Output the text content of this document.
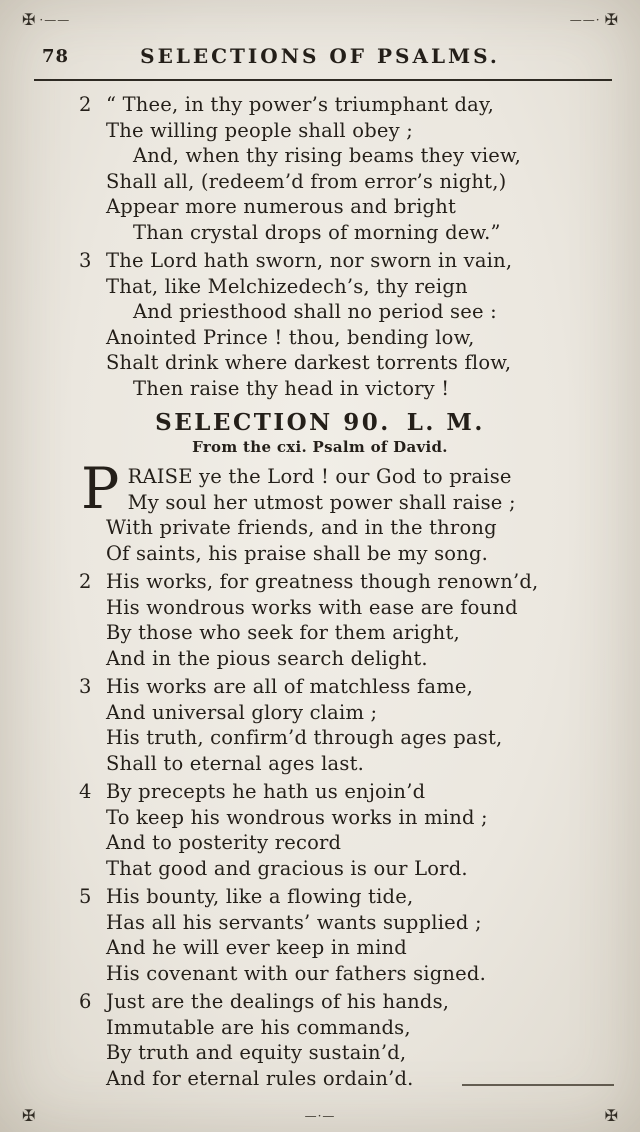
✠ ·——	——· ✠
78	SELECTIONS OF PSALMS.
2 “ Thee, in thy power’s triumphant day,
The willing people shall obey ;
And, when thy rising beams they view,
Shall all, (redeem’d from error’s night,)
Appear more numerous and bright
Than crystal drops of morning dew.”
3 The Lord hath sworn, nor sworn in vain,
That, like Melchizedech’s, thy reign
And priesthood shall no period see :
Anointed Prince ! thou, bending low,
Shalt drink where darkest torrents flow,
Then raise thy head in victory !
SELECTION 90. L. M.
From the cxi. Psalm of David.
PRAISE ye the Lord ! our God to praise
My soul her utmost power shall raise ;
With private friends, and in the throng
Of saints, his praise shall be my song.
2 His works, for greatness though renown’d,
His wondrous works with ease are found
By those who seek for them aright,
And in the pious search delight.
3 His works are all of matchless fame,
And universal glory claim ;
His truth, confirm’d through ages past,
Shall to eternal ages last.
4 By precepts he hath us enjoin’d
To keep his wondrous works in mind ;
And to posterity record
That good and gracious is our Lord.
5 His bounty, like a flowing tide,
Has all his servants’ wants supplied ;
And he will ever keep in mind
His covenant with our fathers signed.
6 Just are the dealings of his hands,
Immutable are his commands,
By truth and equity sustain’d,
And for eternal rules ordain’d.
✠	—·—	✠
